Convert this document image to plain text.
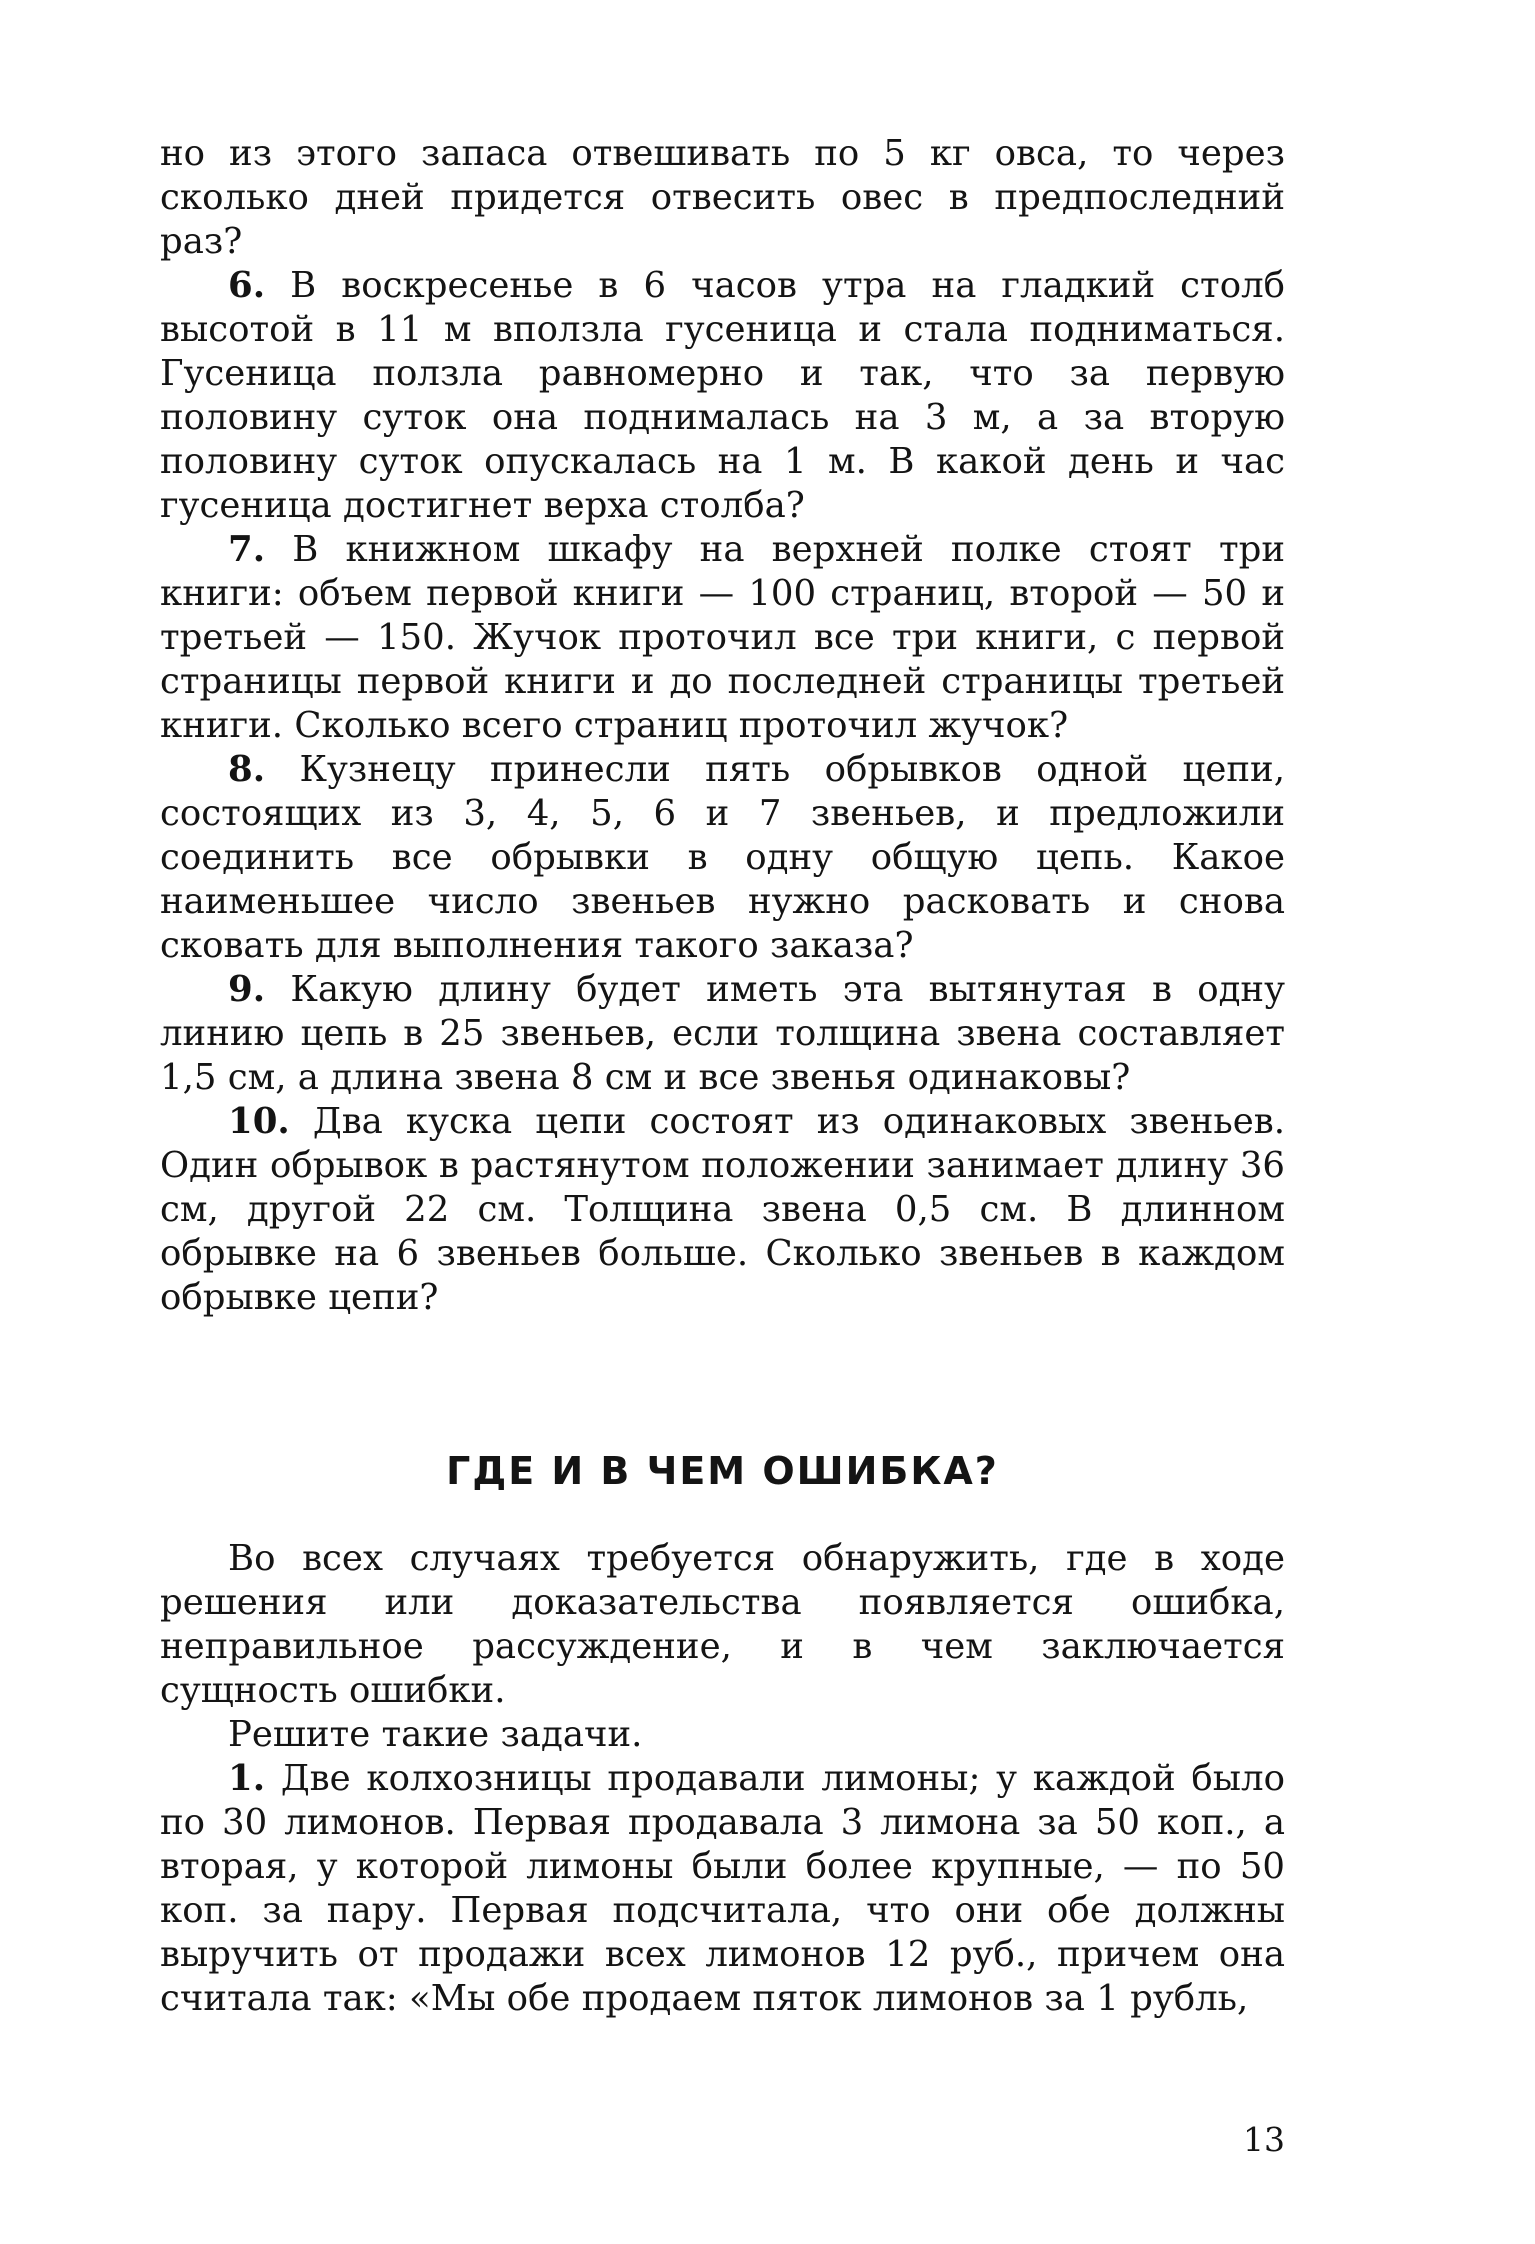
но из этого запаса отвешивать по 5 кг овса, то через сколько дней придется отвесить овес в предпоследний раз?

6. В воскресенье в 6 часов утра на гладкий столб высотой в 11 м вползла гусеница и стала подниматься. Гусеница ползла равномерно и так, что за первую половину суток она поднималась на 3 м, а за вторую половину суток опускалась на 1 м. В какой день и час гусеница достигнет верха столба?

7. В книжном шкафу на верхней полке стоят три книги: объем первой книги — 100 страниц, второй — 50 и третьей — 150. Жучок проточил все три книги, с первой страницы первой книги и до последней страницы третьей книги. Сколько всего страниц проточил жучок?

8. Кузнецу принесли пять обрывков одной цепи, состоящих из 3, 4, 5, 6 и 7 звеньев, и предложили соединить все обрывки в одну общую цепь. Какое наименьшее число звеньев нужно расковать и снова сковать для выполнения такого заказа?

9. Какую длину будет иметь эта вытянутая в одну линию цепь в 25 звеньев, если толщина звена составляет 1,5 см, а длина звена 8 см и все звенья одинаковы?

10. Два куска цепи состоят из одинаковых звеньев. Один обрывок в растянутом положении занимает длину 36 см, другой 22 см. Толщина звена 0,5 см. В длинном обрывке на 6 звеньев больше. Сколько звеньев в каждом обрывке цепи?

ГДЕ И В ЧЕМ ОШИБКА?

Во всех случаях требуется обнаружить, где в ходе решения или доказательства появляется ошибка, неправильное рассуждение, и в чем заключается сущность ошибки.

Решите такие задачи.

1. Две колхозницы продавали лимоны; у каждой было по 30 лимонов. Первая продавала 3 лимона за 50 коп., а вторая, у которой лимоны были более крупные, — по 50 коп. за пару. Первая подсчитала, что они обе должны выручить от продажи всех лимонов 12 руб., причем она считала так: «Мы обе продаем пяток лимонов за 1 рубль,

13
